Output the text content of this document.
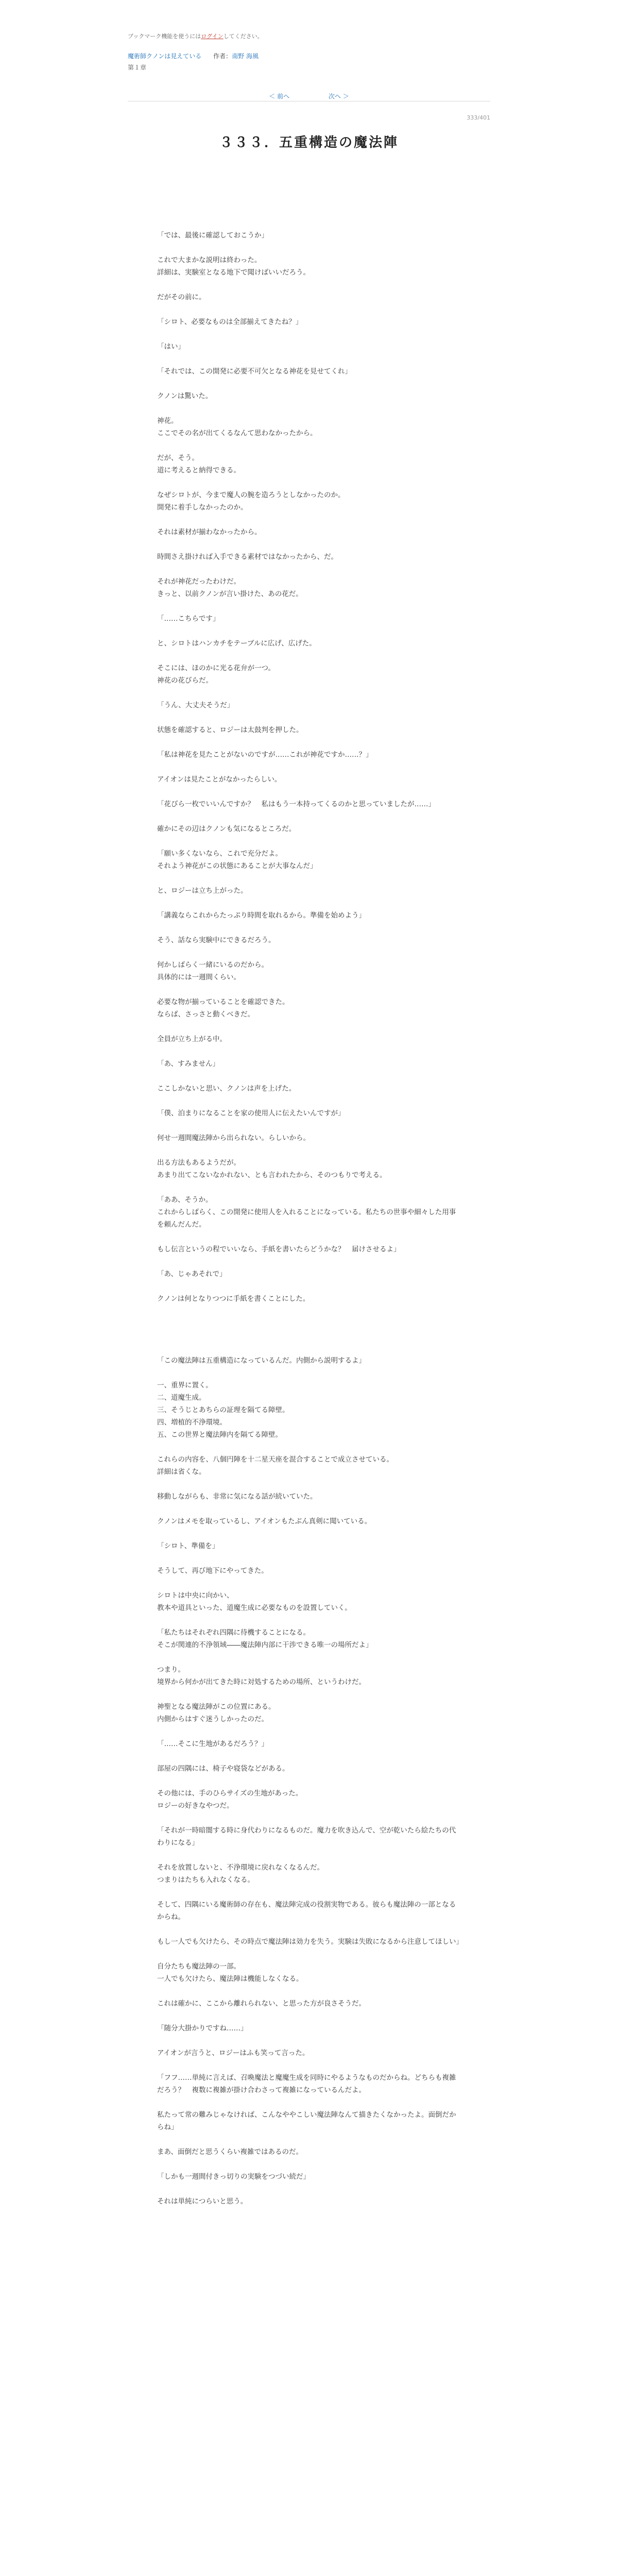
ブックマーク機能を使うにはログインしてください。
魔術師クノンは見えている 作者：南野 海風
第１章
＜ 前へ	次へ ＞
333/401
３３３．五重構造の魔法陣

「では、最後に確認しておこうか」

これで大まかな説明は終わった。

詳細は、実験室となる地下で聞けばいいだろう。

だがその前に。

「シロト、必要なものは全部揃えてきたね？」

「はい」

「それでは、この開発に必要不可欠となる神花を見せてくれ」

クノンは驚いた。

神花。

ここでその名が出てくるなんて思わなかったから。

だが、そう。

道に考えると納得できる。

なぜシロトが、今まで魔人の腕を造ろうとしなかったのか。

開発に着手しなかったのか。

それは素材が揃わなかったから。

時間さえ掛ければ入手できる素材ではなかったから、だ。

それが神花だったわけだ。

きっと、以前クノンが言い掛けた、あの花だ。

「……こちらです」

と、シロトはハンカチをテーブルに広げ、広げた。

そこには、ほのかに光る花弁が一つ。

神花の花びらだ。

「うん、大丈夫そうだ」

状態を確認すると、ロジーは太鼓判を押した。

「私は神花を見たことがないのですが……これが神花ですか……？」

アイオンは見たことがなかったらしい。

「花びら一枚でいいんですか？　私はもう一本持ってくるのかと思っていましたが……」

確かにその辺はクノンも気になるところだ。

「願い多くないなら、これで充分だよ。

それよう神花がこの状態にあることが大事なんだ」

と、ロジーは立ち上がった。

「講義ならこれからたっぷり時間を取れるから。準備を始めよう」

そう、話なら実験中にできるだろう。

何かしばらく一緒にいるのだから。

具体的には一週間くらい。

必要な物が揃っていることを確認できた。

ならば、さっさと動くべきだ。

全員が立ち上がる中。

「あ、すみません」

ここしかないと思い、クノンは声を上げた。

「僕、泊まりになることを家の使用人に伝えたいんですが」

何せ一週間魔法陣から出られない。らしいから。

出る方法もあるようだが。

あまり出てこないなかれない、とも言われたから、そのつもりで考える。

「ああ、そうか。

これからしばらく、この開発に使用人を入れることになっている。私たちの世事や細々した用事を頼んだんだ。

もし伝言というの程でいいなら、手紙を書いたらどうかな？　届けさせるよ」

「あ、じゃあそれで」

クノンは何となりつつに手紙を書くことにした。

「この魔法陣は五重構造になっているんだ。内側から説明するよ」

一、重界に置く。

二、道魔生成。

三、そうじとあちらの証理を隔てる障壁。

四、増植的不浄環境。

五、この世界と魔法陣内を隔てる障壁。

これらの内容を、八個円陣を十二星天座を混合することで成立させている。

詳細は省くな。

移動しながらも、非常に気になる話が続いていた。

クノンはメモを取っているし、アイオンもたぶん真剣に聞いている。

「シロト、準備を」

そうして、再び地下にやってきた。

シロトは中央に向かい、

教本や道具といった、道魔生成に必要なものを設置していく。

「私たちはそれぞれ四隅に待機することになる。

そこが関連的不浄領域――魔法陣内部に干渉できる唯一の場所だよ」

つまり。

境界から何かが出てきた時に対処するための場所、というわけだ。

神聖となる魔法陣がこの位置にある。

内側からはすぐ迷うしかったのだ。

「……そこに生地があるだろう？」

部屋の四隅には、椅子や寝袋などがある。

その他には、手のひらサイズの生地があった。

ロジーの好きなやつだ。

「それが一時暗闇する時に身代わりになるものだ。魔力を吹き込んで、空が乾いたら絵たちの代わりになる」

それを放置しないと、不浄環境に戻れなくなるんだ。

つまりはたちも入れなくなる。

そして、四隅にいる魔術師の存在も、魔法陣完成の役割実物である。彼らも魔法陣の一部となるからね。

もし一人でも欠けたら、その時点で魔法陣は効力を失う。実験は失敗になるから注意してほしい」

自分たちも魔法陣の一部。

一人でも欠けたら、魔法陣は機能しなくなる。

これは確かに、ここから離れられない、と思った方が良さそうだ。

「随分大掛かりですね……」

アイオンが言うと、ロジーはふも笑って言った。

「フフ……単純に言えば、召喚魔法と魔魔生成を同時にやるようなものだからね。どちらも複雑だろう？　複数に複雑が掛け合わさって複雑になっているんだよ。

私たって常の難みじゃなければ、こんなややこしい魔法陣なんて描きたくなかったよ。面倒だからね」

まあ、面倒だと思うくらい複雑ではあるのだ。

「しかも一週間付きっ切りの実験をつづい続だ」

それは単純につらいと思う。
